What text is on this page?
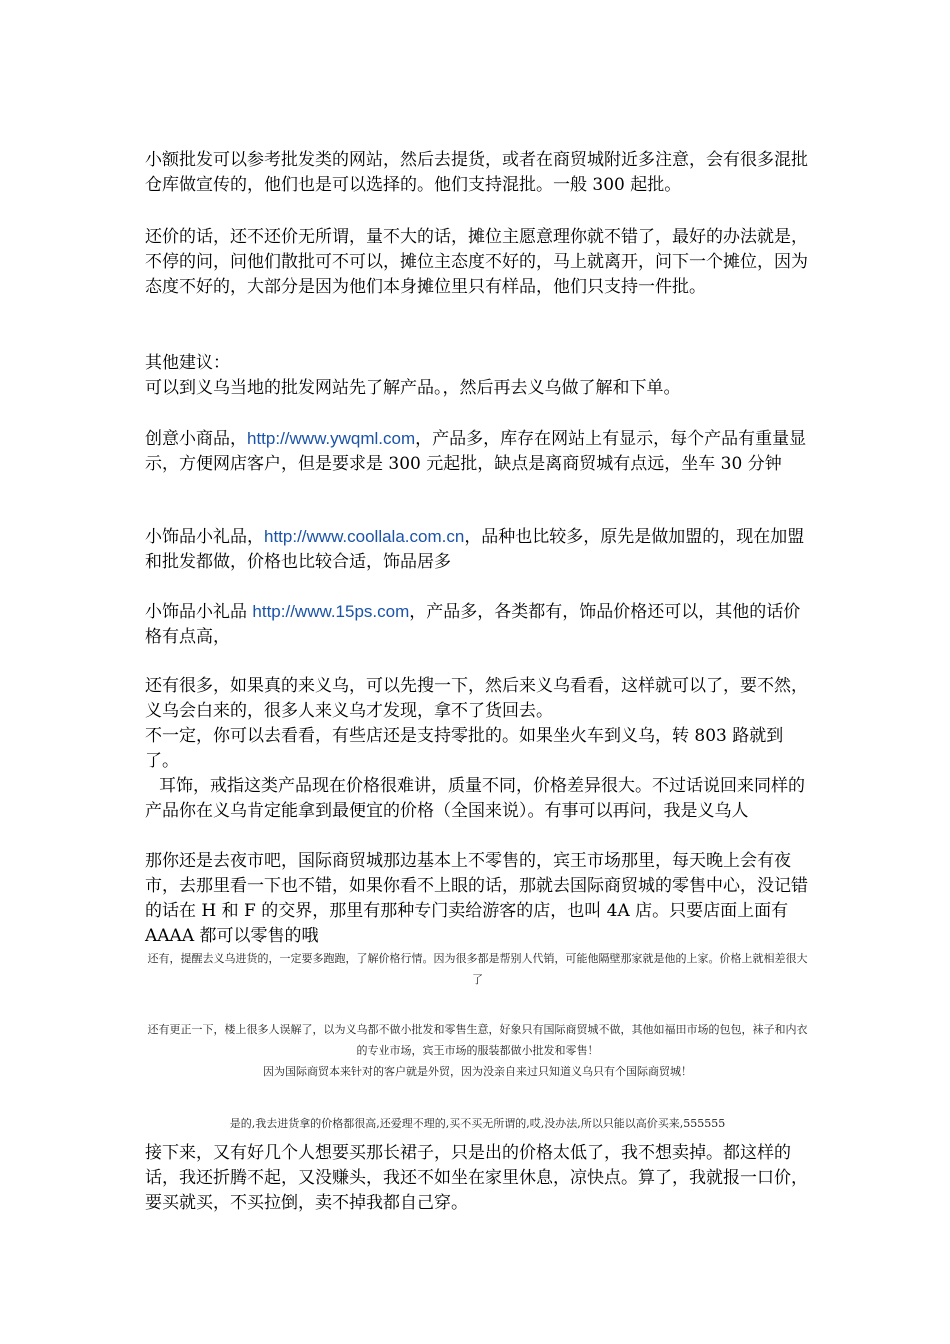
小额批发可以参考批发类的网站，然后去提货，或者在商贸城附近多注意，会有很多混批仓库做宣传的，他们也是可以选择的。他们支持混批。一般 300 起批。

还价的话，还不还价无所谓，量不大的话，摊位主愿意理你就不错了，最好的办法就是，不停的问，问他们散批可不可以，摊位主态度不好的，马上就离开，问下一个摊位，因为态度不好的，大部分是因为他们本身摊位里只有样品，他们只支持一件批。

其他建议：

可以到义乌当地的批发网站先了解产品。，然后再去义乌做了解和下单。

创意小商品，http://www.ywqml.com，产品多，库存在网站上有显示，每个产品有重量显示，方便网店客户，但是要求是 300 元起批，缺点是离商贸城有点远，坐车 30 分钟

小饰品小礼品，http://www.coollala.com.cn，品种也比较多，原先是做加盟的，现在加盟和批发都做，价格也比较合适，饰品居多

小饰品小礼品 http://www.15ps.com，产品多，各类都有，饰品价格还可以，其他的话价格有点高，

还有很多，如果真的来义乌，可以先搜一下，然后来义乌看看，这样就可以了，要不然，义乌会白来的，很多人来义乌才发现，拿不了货回去。

不一定，你可以去看看，有些店还是支持零批的。如果坐火车到义乌，转 803 路就到了。

耳饰，戒指这类产品现在价格很难讲，质量不同，价格差异很大。不过话说回来同样的产品你在义乌肯定能拿到最便宜的价格（全国来说）。有事可以再问，我是义乌人

那你还是去夜市吧，国际商贸城那边基本上不零售的，宾王市场那里，每天晚上会有夜市，去那里看一下也不错，如果你看不上眼的话，那就去国际商贸城的零售中心，没记错的话在 H 和 F 的交界，那里有那种专门卖给游客的店，也叫 4A 店。只要店面上面有 AAAA 都可以零售的哦

还有，提醒去义乌进货的，一定要多跑跑，了解价格行情。因为很多都是帮别人代销，可能他隔壁那家就是他的上家。价格上就相差很大了

还有更正一下，楼上很多人误解了，以为义乌都不做小批发和零售生意，好象只有国际商贸城不做，其他如福田市场的包包，袜子和内衣的专业市场，宾王市场的服装都做小批发和零售！

因为国际商贸本来针对的客户就是外贸，因为没亲自来过只知道义乌只有个国际商贸城！

是的,我去进货拿的价格都很高,还爱理不理的,买不买无所谓的,哎,没办法,所以只能以高价买来,555555

接下来，又有好几个人想要买那长裙子，只是出的价格太低了，我不想卖掉。都这样的话，我还折腾不起，又没赚头，我还不如坐在家里休息，凉快点。算了，我就报一口价，要买就买，不买拉倒，卖不掉我都自己穿。
